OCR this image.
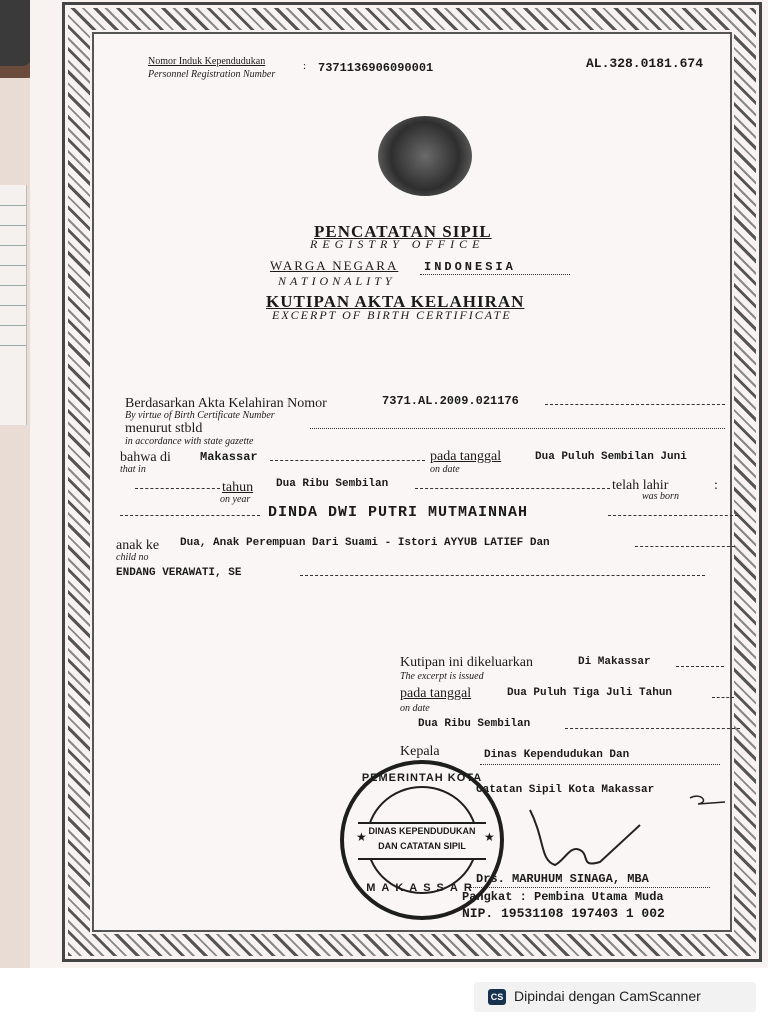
Nomor Induk Kependudukan
Personnel Registration Number
: 7371136906090001	AL.328.0181.674
PENCATATAN SIPIL
REGISTRY OFFICE
WARGA NEGARA INDONESIA
NATIONALITY
KUTIPAN AKTA KELAHIRAN
EXCERPT OF BIRTH CERTIFICATE
Berdasarkan Akta Kelahiran Nomor	7371.AL.2009.021176
By virtue of Birth Certificate Number
menurut stbld
in accordance with state gazette
bahwa di Makassar	pada tanggal	Dua Puluh Sembilan Juni
that in	on date
tahun Dua Ribu Sembilan	telah lahir	:
on year	was born
DINDA DWI PUTRI MUTMAINNAH
anak ke Dua, Anak Perempuan Dari Suami - Istori AYYUB LATIEF Dan
child no
ENDANG VERAWATI, SE
Kutipan ini dikeluarkan	Di Makassar
The excerpt is issued
pada tanggal	Dua Puluh Tiga Juli Tahun
on date
Dua Ribu Sembilan
Kepala	Dinas Kependudukan Dan
Catatan Sipil Kota Makassar
Drs. MARUHUM SINAGA, MBA
Pangkat : Pembina Utama Muda
NIP. 19531108 197403 1 002
PEMERINTAH KOTA
DINAS KEPENDUDUKAN
DAN CATATAN SIPIL
★	★
MAKASSAR
CS Dipindai dengan CamScanner
